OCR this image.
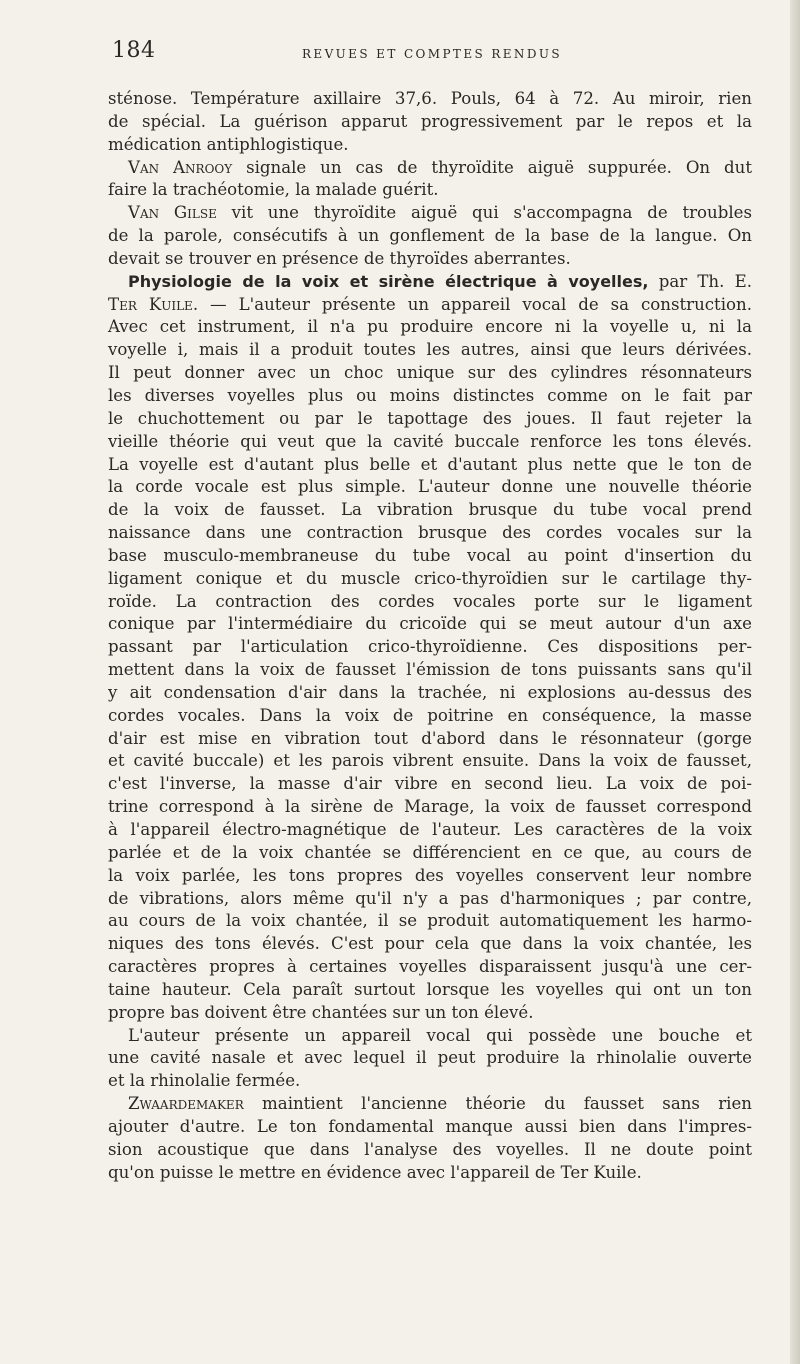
184	REVUES ET COMPTES RENDUS
sténose. Température axillaire 37,6. Pouls, 64 à 72. Au miroir, rien
de spécial. La guérison apparut progressivement par le repos et la
médication antiphlogistique.
Van Anrooy signale un cas de thyroïdite aiguë suppurée. On dut
faire la trachéotomie, la malade guérit.
Van Gilse vit une thyroïdite aiguë qui s'accompagna de troubles
de la parole, consécutifs à un gonflement de la base de la langue. On
devait se trouver en présence de thyroïdes aberrantes.
Physiologie de la voix et sirène électrique à voyelles, par Th. E.
Ter Kuile. — L'auteur présente un appareil vocal de sa construction.
Avec cet instrument, il n'a pu produire encore ni la voyelle u, ni la
voyelle i, mais il a produit toutes les autres, ainsi que leurs dérivées.
Il peut donner avec un choc unique sur des cylindres résonnateurs
les diverses voyelles plus ou moins distinctes comme on le fait par
le chuchottement ou par le tapottage des joues. Il faut rejeter la
vieille théorie qui veut que la cavité buccale renforce les tons élevés.
La voyelle est d'autant plus belle et d'autant plus nette que le ton de
la corde vocale est plus simple. L'auteur donne une nouvelle théorie
de la voix de fausset. La vibration brusque du tube vocal prend
naissance dans une contraction brusque des cordes vocales sur la
base musculo-membraneuse du tube vocal au point d'insertion du
ligament conique et du muscle crico-thyroïdien sur le cartilage thy-
roïde. La contraction des cordes vocales porte sur le ligament
conique par l'intermédiaire du cricoïde qui se meut autour d'un axe
passant par l'articulation crico-thyroïdienne. Ces dispositions per-
mettent dans la voix de fausset l'émission de tons puissants sans qu'il
y ait condensation d'air dans la trachée, ni explosions au-dessus des
cordes vocales. Dans la voix de poitrine en conséquence, la masse
d'air est mise en vibration tout d'abord dans le résonnateur (gorge
et cavité buccale) et les parois vibrent ensuite. Dans la voix de fausset,
c'est l'inverse, la masse d'air vibre en second lieu. La voix de poi-
trine correspond à la sirène de Marage, la voix de fausset correspond
à l'appareil électro-magnétique de l'auteur. Les caractères de la voix
parlée et de la voix chantée se différencient en ce que, au cours de
la voix parlée, les tons propres des voyelles conservent leur nombre
de vibrations, alors même qu'il n'y a pas d'harmoniques ; par contre,
au cours de la voix chantée, il se produit automatiquement les harmo-
niques des tons élevés. C'est pour cela que dans la voix chantée, les
caractères propres à certaines voyelles disparaissent jusqu'à une cer-
taine hauteur. Cela paraît surtout lorsque les voyelles qui ont un ton
propre bas doivent être chantées sur un ton élevé.
L'auteur présente un appareil vocal qui possède une bouche et
une cavité nasale et avec lequel il peut produire la rhinolalie ouverte
et la rhinolalie fermée.
Zwaardemaker maintient l'ancienne théorie du fausset sans rien
ajouter d'autre. Le ton fondamental manque aussi bien dans l'impres-
sion acoustique que dans l'analyse des voyelles. Il ne doute point
qu'on puisse le mettre en évidence avec l'appareil de Ter Kuile.
